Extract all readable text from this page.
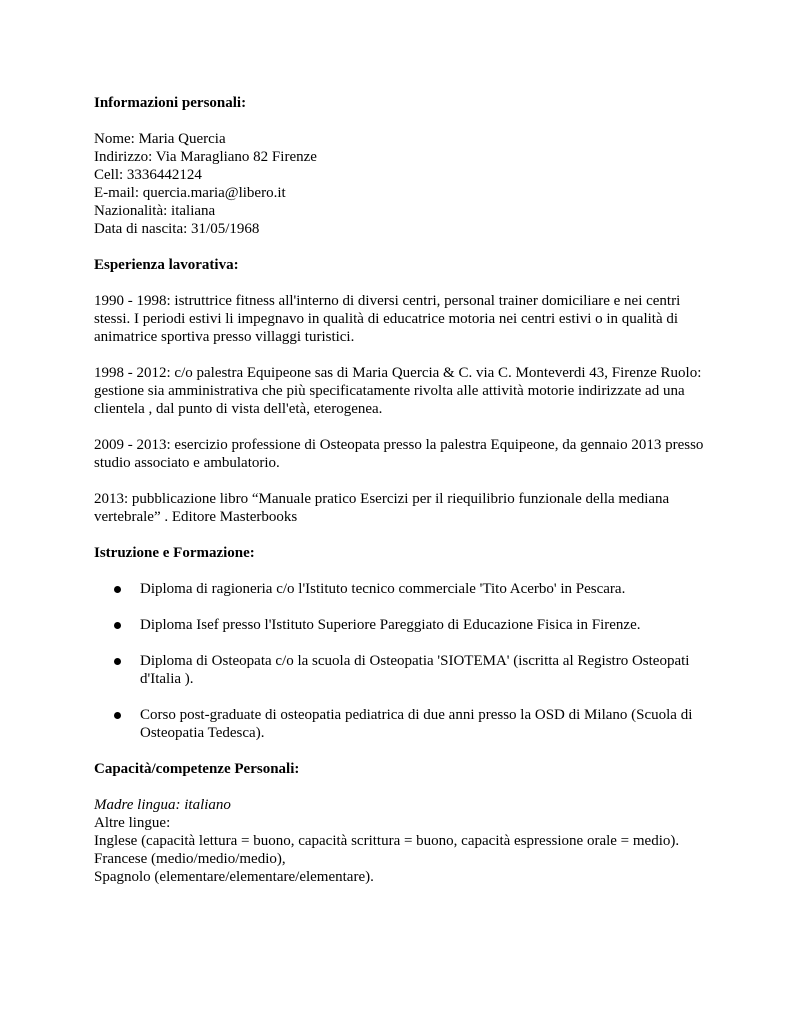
Informazioni personali:

Nome: Maria Quercia

Indirizzo: Via Maragliano 82 Firenze

Cell: 3336442124

E-mail: quercia.maria@libero.it

Nazionalità: italiana

Data di nascita: 31/05/1968

Esperienza lavorativa:

1990 - 1998: istruttrice fitness all'interno di diversi centri, personal trainer domiciliare e nei centri stessi. I periodi estivi li impegnavo in qualità di educatrice motoria nei centri estivi o in qualità di animatrice sportiva presso villaggi turistici.

1998 - 2012: c/o palestra Equipeone sas di Maria Quercia & C. via C. Monteverdi 43, Firenze Ruolo: gestione sia amministrativa che più specificatamente rivolta alle attività motorie indirizzate ad una clientela , dal punto di vista dell'età, eterogenea.

2009 - 2013: esercizio professione di Osteopata presso la palestra Equipeone, da gennaio 2013 presso studio associato e ambulatorio.

2013: pubblicazione libro “Manuale pratico Esercizi per il riequilibrio funzionale della mediana vertebrale” . Editore Masterbooks

Istruzione e Formazione:

Diploma di ragioneria c/o l'Istituto tecnico commerciale 'Tito Acerbo' in Pescara.
Diploma Isef presso l'Istituto Superiore Pareggiato di Educazione Fisica in Firenze.
Diploma di Osteopata c/o la scuola di Osteopatia 'SIOTEMA' (iscritta al Registro Osteopati d'Italia ).
Corso post-graduate di osteopatia pediatrica di due anni presso la OSD di Milano (Scuola di Osteopatia Tedesca).

Capacità/competenze Personali:

Madre lingua: italiano

Altre lingue:

Inglese (capacità lettura = buono, capacità scrittura = buono, capacità espressione orale = medio).

Francese (medio/medio/medio),

Spagnolo (elementare/elementare/elementare).
